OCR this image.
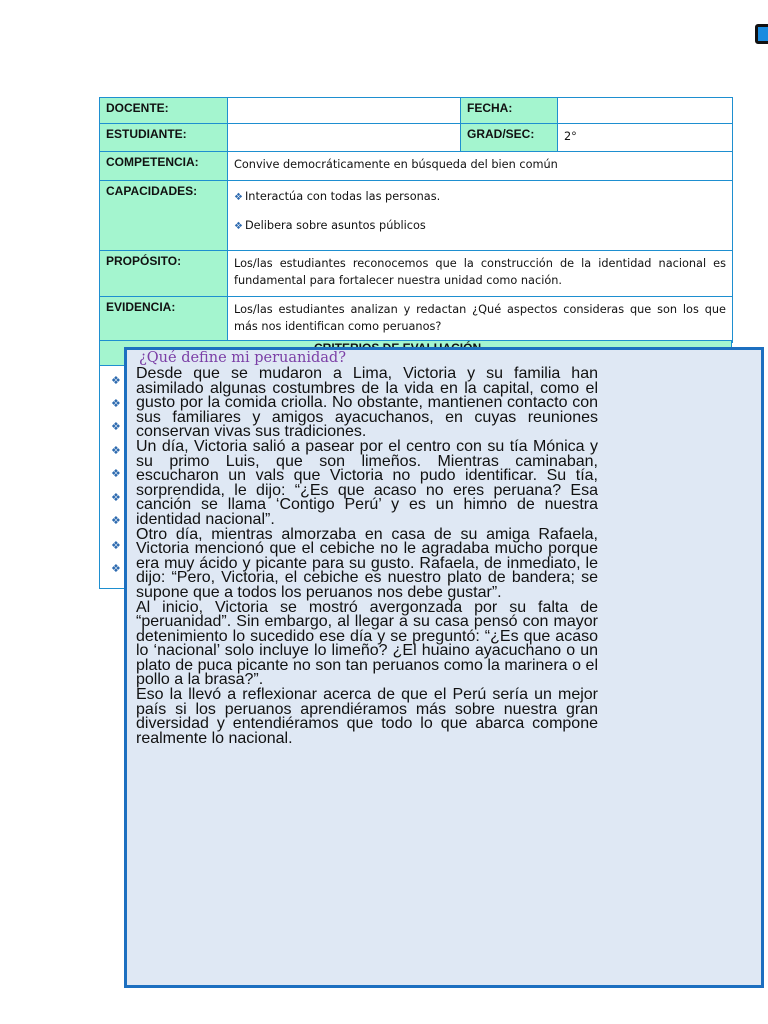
DOCENTE:		FECHA:	
ESTUDIANTE:		GRAD/SEC:	2°
COMPETENCIA:	Convive democráticamente en búsqueda del bien común		
CAPACIDADES:	❖ Interactúa con todas las personas.
❖ Delibera sobre asuntos públicos		

PROPÓSITO:	Los/las estudiantes reconocemos que la construcción de la identidad nacional es fundamental para fortalecer nuestra unidad como nación.		
EVIDENCIA:	Los/las estudiantes analizan y redactan ¿Qué aspectos consideras que son los que más nos identifican como peruanos?		
❖
❖
❖
❖
❖
❖
❖
❖
❖
¿Qué define mi peruanidad?

Desde que se mudaron a Lima, Victoria y su familia han asimilado algunas costumbres de la vida en la capital, como el gusto por la comida criolla. No obstante, mantienen contacto con sus familiares y amigos ayacuchanos, en cuyas reuniones conservan vivas sus tradiciones.

Un día, Victoria salió a pasear por el centro con su tía Mónica y su primo Luis, que son limeños. Mientras caminaban, escucharon un vals que Victoria no pudo identificar. Su tía, sorprendida, le dijo: “¿Es que acaso no eres peruana? Esa canción se llama ‘Contigo Perú’ y es un himno de nuestra identidad nacional”.

Otro día, mientras almorzaba en casa de su amiga Rafaela, Victoria mencionó que el cebiche no le agradaba mucho porque era muy ácido y picante para su gusto. Rafaela, de inmediato, le dijo: “Pero, Victoria, el cebiche es nuestro plato de bandera; se supone que a todos los peruanos nos debe gustar”.

Al inicio, Victoria se mostró avergonzada por su falta de “peruanidad”. Sin embargo, al llegar a su casa pensó con mayor detenimiento lo sucedido ese día y se preguntó: “¿Es que acaso lo ‘nacional’ solo incluye lo limeño? ¿El huaino ayacuchano o un plato de puca picante no son tan peruanos como la marinera o el pollo a la brasa?”.

Eso la llevó a reflexionar acerca de que el Perú sería un mejor país si los peruanos aprendiéramos más sobre nuestra gran diversidad y entendiéramos que todo lo que abarca compone realmente lo nacional.
